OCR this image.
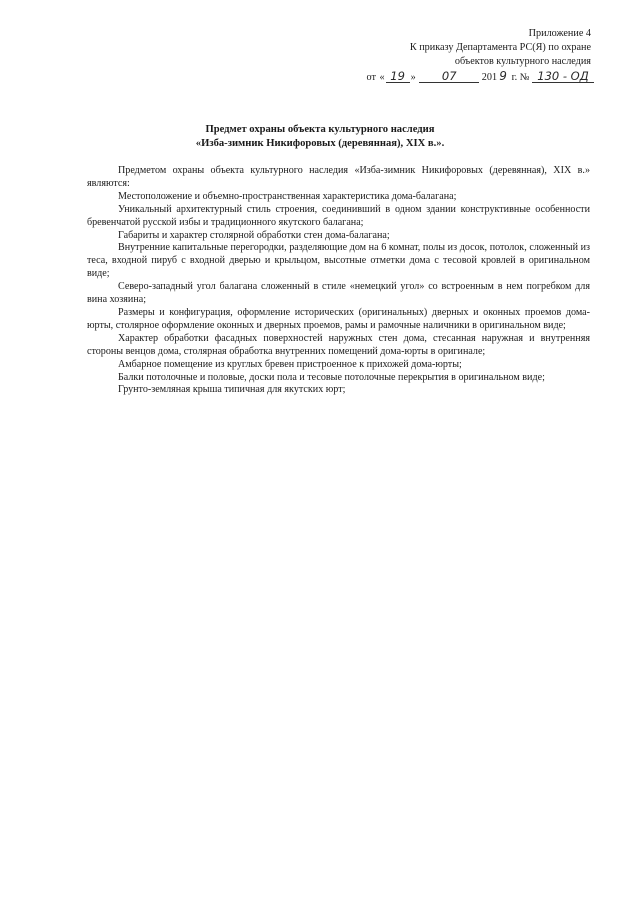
Приложение 4
К приказу Департамента РС(Я) по охране
объектов культурного наследия
от « 19 » 07 201 9 г. № 130 - ОД
Предмет охраны объекта культурного наследия
«Изба-зимник Никифоровых (деревянная), XIX в.».

Предметом охраны объекта культурного наследия «Изба-зимник Никифоровых (деревянная), XIX в.» являются:

Местоположение и объемно-пространственная характеристика дома-балагана;

Уникальный архитектурный стиль строения, соединивший в одном здании конструктивные особенности бревенчатой русской избы и традиционного якутского балагана;

Габариты и характер столярной обработки стен дома-балагана;

Внутренние капитальные перегородки, разделяющие дом на 6 комнат, полы из досок, потолок, сложенный из теса, входной пируб с входной дверью и крыльцом, высотные отметки дома с тесовой кровлей в оригинальном виде;

Северо-западный угол балагана сложенный в стиле «немецкий угол» со встроенным в нем погребком для вина хозяина;

Размеры и конфигурация, оформление исторических (оригинальных) дверных и оконных проемов дома-юрты, столярное оформление оконных и дверных проемов, рамы и рамочные наличники в оригинальном виде;

Характер обработки фасадных поверхностей наружных стен дома, стесанная наружная и внутренняя стороны венцов дома, столярная обработка внутренних помещений дома-юрты в оригинале;

Амбарное помещение из круглых бревен пристроенное к прихожей дома-юрты;

Балки потолочные и половые, доски пола и тесовые потолочные перекрытия в оригинальном виде;

Грунто-земляная крыша типичная для якутских юрт;
